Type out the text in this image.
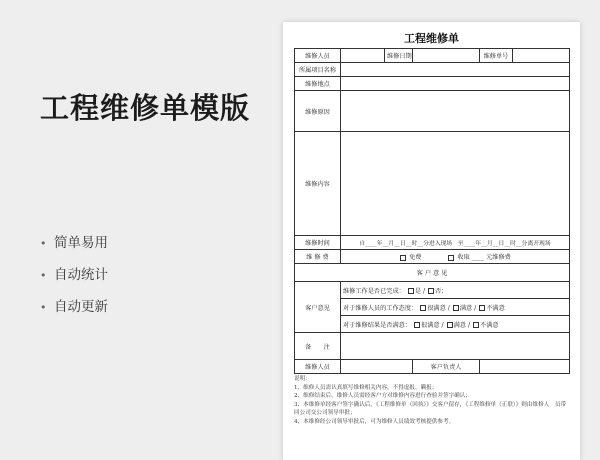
工程维修单模版
• 简单易用
• 自动统计
• 自动更新
工程维修单
维修人员		维修日期		维修单号	
所属项目名称					
维修地点					
维修原因					
维修内容					
维修时间	自____年__月__日__时__分进入现场　至____年__月__日__时__分离开现场				
维 修 费	免费 收取 ____ 元维修费				
客 户 意 见					
客户意见	维修工作是否已完成： 是 / 否；				
	对于维修人员的工作态度： 很满意 / 满意 / 不满意				
	对于维修结果是否满意： 很满意 / 满意 / 不满意				
备　　注					
维修人员			客户负责人		
说明：
1、维修人员需认真填写维修相关内容，不得虚报、瞒报；
2、维修结束后，维修人员需经客户方对维修内容进行查验并签字确认；
3、本维修单经客户签字确认后，《工程维修单（回执）》交客户留存，《工程维修单（正联）》则由维修人　员带回公司交公司领导审批；
4、本维修经公司领导审批后，可为维修人员绩效考核提供参考。
